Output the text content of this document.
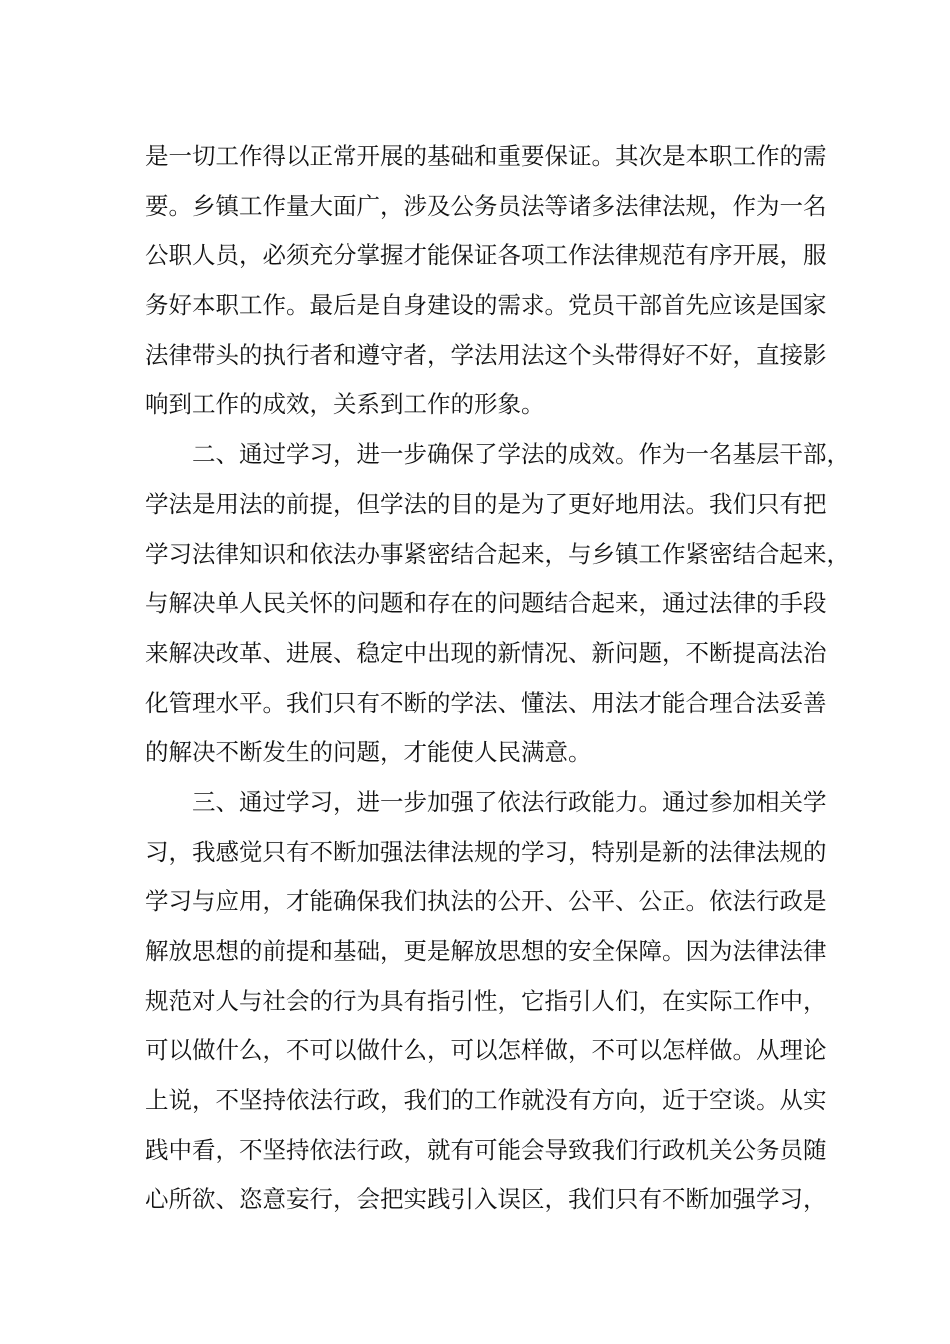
是一切工作得以正常开展的基础和重要保证。其次是本职工作的需
要。乡镇工作量大面广，涉及公务员法等诸多法律法规，作为一名
公职人员，必须充分掌握才能保证各项工作法律规范有序开展，服
务好本职工作。最后是自身建设的需求。党员干部首先应该是国家
法律带头的执行者和遵守者，学法用法这个头带得好不好，直接影
响到工作的成效，关系到工作的形象。
二、通过学习，进一步确保了学法的成效。作为一名基层干部，
学法是用法的前提，但学法的目的是为了更好地用法。我们只有把
学习法律知识和依法办事紧密结合起来，与乡镇工作紧密结合起来，
与解决单人民关怀的问题和存在的问题结合起来，通过法律的手段
来解决改革、进展、稳定中出现的新情况、新问题，不断提高法治
化管理水平。我们只有不断的学法、懂法、用法才能合理合法妥善
的解决不断发生的问题，才能使人民满意。
三、通过学习，进一步加强了依法行政能力。通过参加相关学
习，我感觉只有不断加强法律法规的学习，特别是新的法律法规的
学习与应用，才能确保我们执法的公开、公平、公正。依法行政是
解放思想的前提和基础，更是解放思想的安全保障。因为法律法律
规范对人与社会的行为具有指引性，它指引人们，在实际工作中，
可以做什么，不可以做什么，可以怎样做，不可以怎样做。从理论
上说，不坚持依法行政，我们的工作就没有方向，近于空谈。从实
践中看，不坚持依法行政，就有可能会导致我们行政机关公务员随
心所欲、恣意妄行，会把实践引入误区，我们只有不断加强学习，
